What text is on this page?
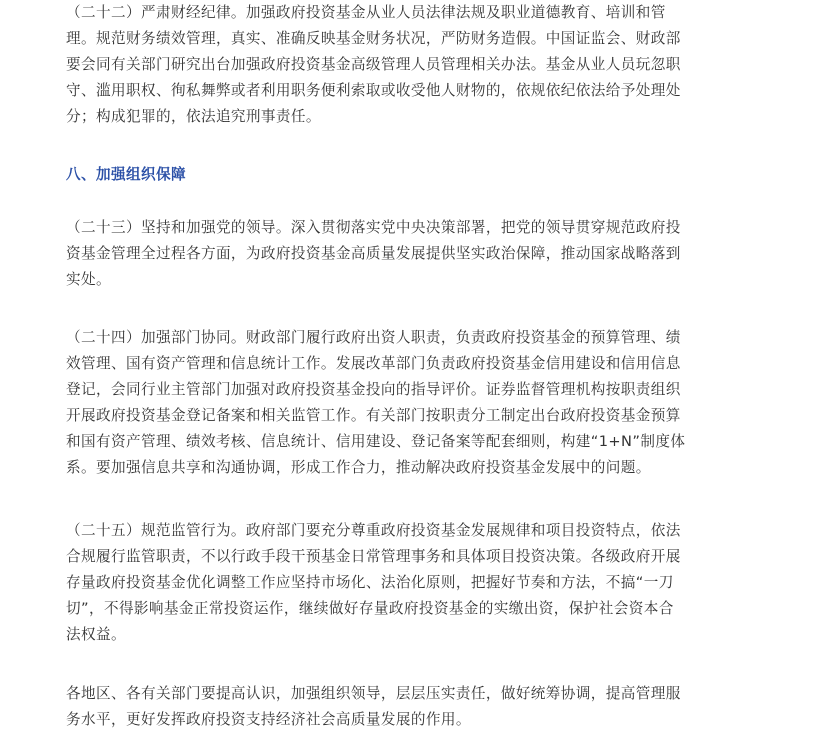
（二十二）严肃财经纪律。加强政府投资基金从业人员法律法规及职业道德教育、培训和管
理。规范财务绩效管理，真实、准确反映基金财务状况，严防财务造假。中国证监会、财政部
要会同有关部门研究出台加强政府投资基金高级管理人员管理相关办法。基金从业人员玩忽职
守、滥用职权、徇私舞弊或者利用职务便利索取或收受他人财物的，依规依纪依法给予处理处
分；构成犯罪的，依法追究刑事责任。
八、加强组织保障
（二十三）坚持和加强党的领导。深入贯彻落实党中央决策部署，把党的领导贯穿规范政府投
资基金管理全过程各方面，为政府投资基金高质量发展提供坚实政治保障，推动国家战略落到
实处。
（二十四）加强部门协同。财政部门履行政府出资人职责，负责政府投资基金的预算管理、绩
效管理、国有资产管理和信息统计工作。发展改革部门负责政府投资基金信用建设和信用信息
登记，会同行业主管部门加强对政府投资基金投向的指导评价。证券监督管理机构按职责组织
开展政府投资基金登记备案和相关监管工作。有关部门按职责分工制定出台政府投资基金预算
和国有资产管理、绩效考核、信息统计、信用建设、登记备案等配套细则，构建“1+N”制度体
系。要加强信息共享和沟通协调，形成工作合力，推动解决政府投资基金发展中的问题。
（二十五）规范监管行为。政府部门要充分尊重政府投资基金发展规律和项目投资特点，依法
合规履行监管职责，不以行政手段干预基金日常管理事务和具体项目投资决策。各级政府开展
存量政府投资基金优化调整工作应坚持市场化、法治化原则，把握好节奏和方法，不搞“一刀
切”，不得影响基金正常投资运作，继续做好存量政府投资基金的实缴出资，保护社会资本合
法权益。
各地区、各有关部门要提高认识，加强组织领导，层层压实责任，做好统筹协调，提高管理服
务水平，更好发挥政府投资支持经济社会高质量发展的作用。
